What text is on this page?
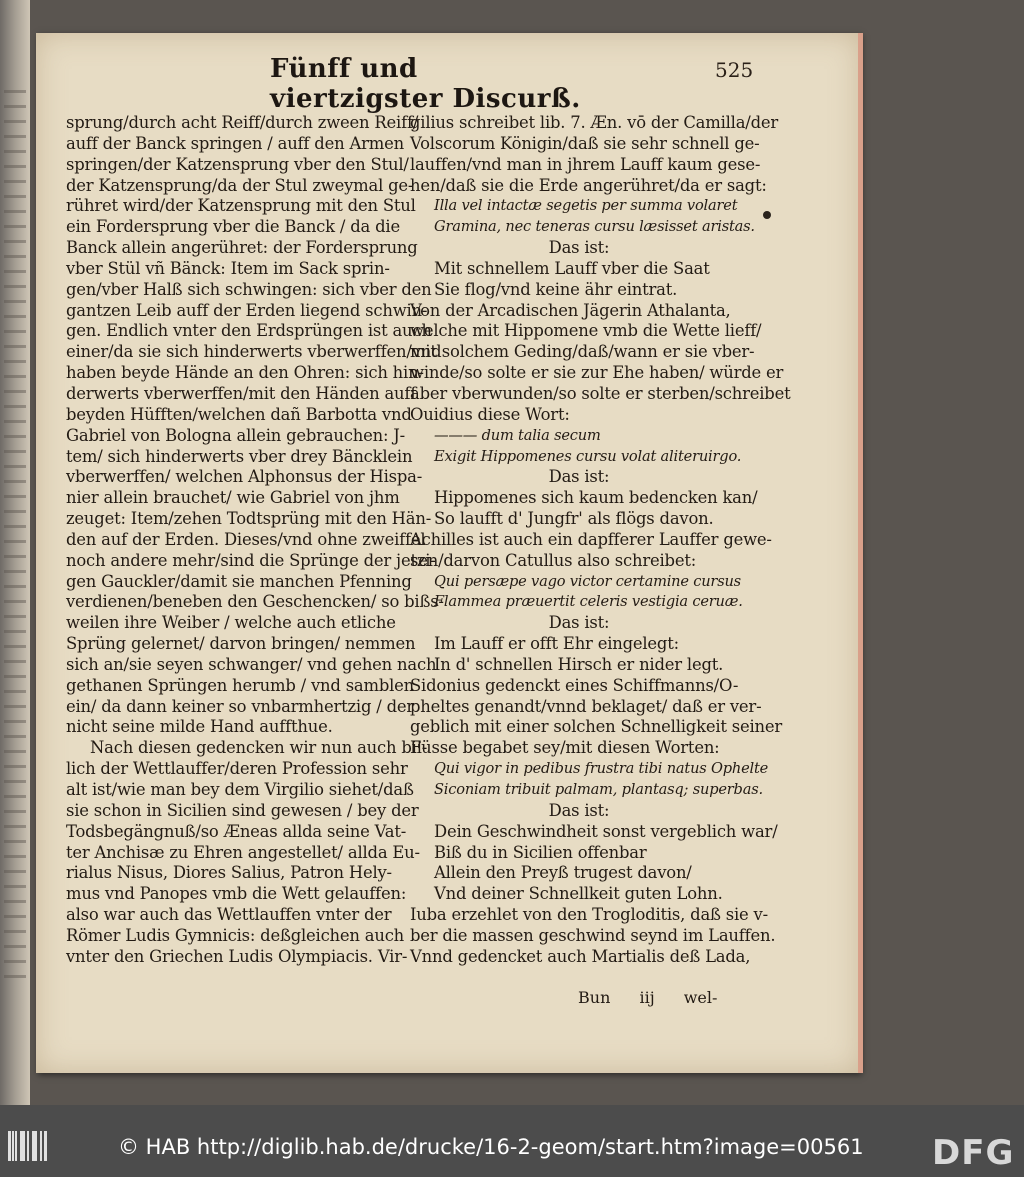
Fünff und viertzigster Discurß.
525
sprung/durch acht Reiff/durch zween Reiff/
auff der Banck springen / auff den Armen
springen/der Katzensprung vber den Stul/
der Katzensprung/da der Stul zweymal ge-
rühret wird/der Katzensprung mit den Stul
ein Fordersprung vber die Banck / da die
Banck allein angerühret: der Fordersprung
vber Stül vñ Bänck: Item im Sack sprin-
gen/vber Halß sich schwingen: sich vber den
gantzen Leib auff der Erden liegend schwin-
gen. Endlich vnter den Erdsprüngen ist auch
einer/da sie sich hinderwerts vberwerffen/vnd
haben beyde Hände an den Ohren: sich hin-
derwerts vberwerffen/mit den Händen auff
beyden Hüfften/welchen dañ Barbotta vnd
Gabriel von Bologna allein gebrauchen: J-
tem/ sich hinderwerts vber drey Bäncklein
vberwerffen/ welchen Alphonsus der Hispa-
nier allein brauchet/ wie Gabriel von jhm
zeuget: Item/zehen Todtsprüng mit den Hän-
den auf der Erden. Dieses/vnd ohne zweiffel
noch andere mehr/sind die Sprünge der jetzi-
gen Gauckler/damit sie manchen Pfenning
verdienen/beneben den Geschencken/ so bißs-
weilen ihre Weiber / welche auch etliche
Sprüng gelernet/ darvon bringen/ nemmen
sich an/sie seyen schwanger/ vnd gehen nach
gethanen Sprüngen herumb / vnd samblen
ein/ da dann keiner so vnbarmhertzig / der
nicht seine milde Hand auffthue.
Nach diesen gedencken wir nun auch bil-
lich der Wettlauffer/deren Profession sehr
alt ist/wie man bey dem Virgilio siehet/daß
sie schon in Sicilien sind gewesen / bey der
Todsbegängnuß/so Æneas allda seine Vat-
ter Anchisæ zu Ehren angestellet/ allda Eu-
rialus Nisus, Diores Salius, Patron Hely-
mus vnd Panopes vmb die Wett gelauffen:
also war auch das Wettlauffen vnter der
Römer Ludis Gymnicis: deßgleichen auch
vnter den Griechen Ludis Olympiacis. Vir-
gilius schreibet lib. 7. Æn. vō der Camilla/der
Volscorum Königin/daß sie sehr schnell ge-
lauffen/vnd man in jhrem Lauff kaum gese-
hen/daß sie die Erde angerühret/da er sagt:
Illa vel intactæ segetis per summa volaret
Gramina, nec teneras cursu læsisset aristas.
Das ist:
Mit schnellem Lauff vber die Saat
Sie flog/vnd keine ähr eintrat.
Von der Arcadischen Jägerin Athalanta,
welche mit Hippomene vmb die Wette lieff/
mit solchem Geding/daß/wann er sie vber-
winde/so solte er sie zur Ehe haben/ würde er
aber vberwunden/so solte er sterben/schreibet
Ouidius diese Wort:
——— dum talia secum
Exigit Hippomenes cursu volat aliteruirgo.
Das ist:
Hippomenes sich kaum bedencken kan/
So laufft d' Jungfr' als flögs davon.
Achilles ist auch ein dapfferer Lauffer gewe-
sen/darvon Catullus also schreibet:
Qui persæpe vago victor certamine cursus
Flammea præuertit celeris vestigia ceruæ.
Das ist:
Im Lauff er offt Ehr eingelegt:
In d' schnellen Hirsch er nider legt.
Sidonius gedenckt eines Schiffmanns/O-
pheltes genandt/vnnd beklaget/ daß er ver-
geblich mit einer solchen Schnelligkeit seiner
Füsse begabet sey/mit diesen Worten:
Qui vigor in pedibus frustra tibi natus Ophelte
Siconiam tribuit palmam, plantasq; superbas.
Das ist:
Dein Geschwindheit sonst vergeblich war/
Biß du in Sicilien offenbar
Allein den Preyß trugest davon/
Vnd deiner Schnellkeit guten Lohn.
Iuba erzehlet von den Trogloditis, daß sie v-
ber die massen geschwind seynd im Lauffen.
Vnnd gedencket auch Martialis deß Lada,
Bun iij wel-
© HAB http://diglib.hab.de/drucke/16-2-geom/start.htm?image=00561 DFG
